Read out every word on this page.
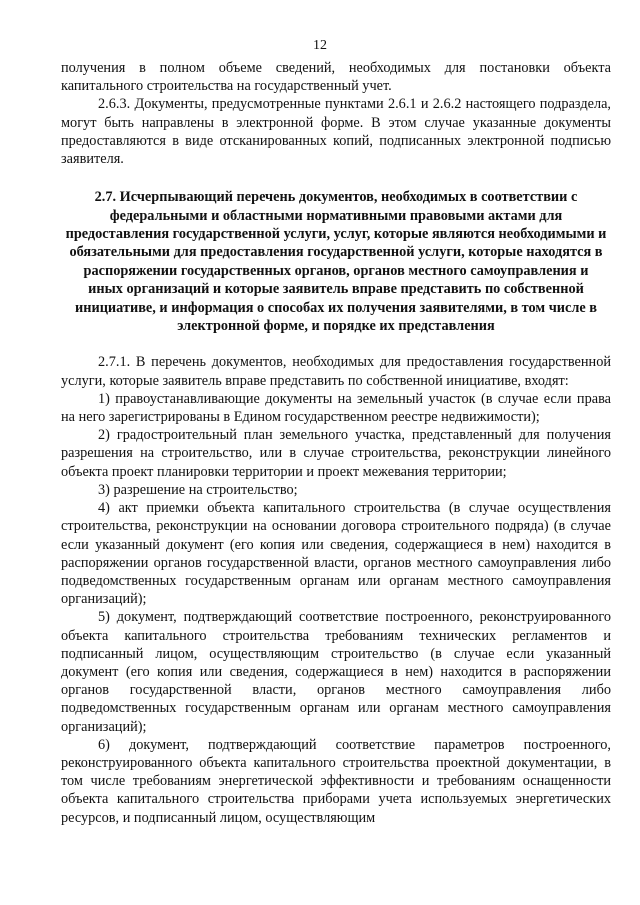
12

получения в полном объеме сведений, необходимых для постановки объекта капитального строительства на государственный учет.

2.6.3. Документы, предусмотренные пунктами 2.6.1 и 2.6.2 настоящего подраздела, могут быть направлены в электронной форме. В этом случае указанные документы предоставляются в виде отсканированных копий, подписанных электронной подписью заявителя.

2.7. Исчерпывающий перечень документов, необходимых в соответствии с федеральными и областными нормативными правовыми актами для предоставления государственной услуги, услуг, которые являются необходимыми и обязательными для предоставления государственной услуги, которые находятся в распоряжении государственных органов, органов местного самоуправления и иных организаций и которые заявитель вправе представить по собственной инициативе, и информация о способах их получения заявителями, в том числе в электронной форме, и порядке их представления

2.7.1. В перечень документов, необходимых для предоставления государственной услуги, которые заявитель вправе представить по собственной инициативе, входят:

1) правоустанавливающие документы на земельный участок (в случае если права на него зарегистрированы в Едином государственном реестре недвижимости);

2) градостроительный план земельного участка, представленный для получения разрешения на строительство, или в случае строительства, реконструкции линейного объекта проект планировки территории и проект межевания территории;

3) разрешение на строительство;

4) акт приемки объекта капитального строительства (в случае осуществления строительства, реконструкции на основании договора строительного подряда) (в случае если указанный документ (его копия или сведения, содержащиеся в нем) находится в распоряжении органов государственной власти, органов местного самоуправления либо подведомственных государственным органам или органам местного самоуправления организаций);

5) документ, подтверждающий соответствие построенного, реконструированного объекта капитального строительства требованиям технических регламентов и подписанный лицом, осуществляющим строительство (в случае если указанный документ (его копия или сведения, содержащиеся в нем) находится в распоряжении органов государственной власти, органов местного самоуправления либо подведомственных государственным органам или органам местного самоуправления организаций);

6) документ, подтверждающий соответствие параметров построенного, реконструированного объекта капитального строительства проектной документации, в том числе требованиям энергетической эффективности и требованиям оснащенности объекта капитального строительства приборами учета используемых энергетических ресурсов, и подписанный лицом, осуществляющим
